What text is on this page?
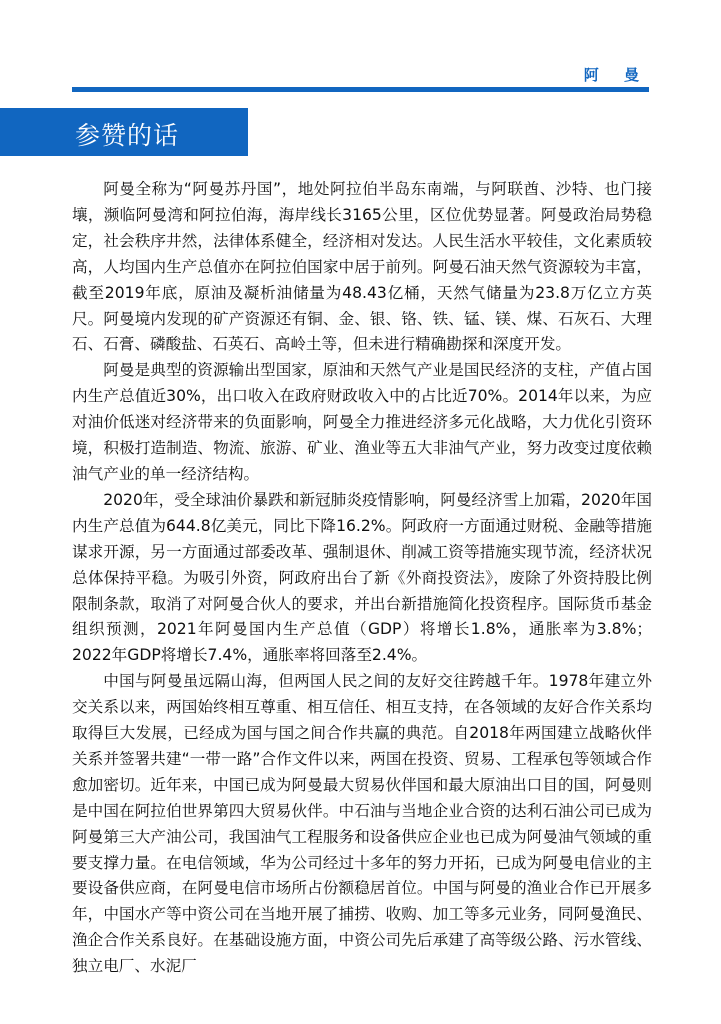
阿 曼
参赞的话

阿曼全称为“阿曼苏丹国”，地处阿拉伯半岛东南端，与阿联酋、沙特、也门接壤，濒临阿曼湾和阿拉伯海，海岸线长3165公里，区位优势显著。阿曼政治局势稳定，社会秩序井然，法律体系健全，经济相对发达。人民生活水平较佳，文化素质较高，人均国内生产总值亦在阿拉伯国家中居于前列。阿曼石油天然气资源较为丰富，截至2019年底，原油及凝析油储量为48.43亿桶，天然气储量为23.8万亿立方英尺。阿曼境内发现的矿产资源还有铜、金、银、铬、铁、锰、镁、煤、石灰石、大理石、石膏、磷酸盐、石英石、高岭土等，但未进行精确勘探和深度开发。

阿曼是典型的资源输出型国家，原油和天然气产业是国民经济的支柱，产值占国内生产总值近30%，出口收入在政府财政收入中的占比近70%。2014年以来，为应对油价低迷对经济带来的负面影响，阿曼全力推进经济多元化战略，大力优化引资环境，积极打造制造、物流、旅游、矿业、渔业等五大非油气产业，努力改变过度依赖油气产业的单一经济结构。

2020年，受全球油价暴跌和新冠肺炎疫情影响，阿曼经济雪上加霜，2020年国内生产总值为644.8亿美元，同比下降16.2%。阿政府一方面通过财税、金融等措施谋求开源，另一方面通过部委改革、强制退休、削减工资等措施实现节流，经济状况总体保持平稳。为吸引外资，阿政府出台了新《外商投资法》，废除了外资持股比例限制条款，取消了对阿曼合伙人的要求，并出台新措施简化投资程序。国际货币基金组织预测，2021年阿曼国内生产总值（GDP）将增长1.8%，通胀率为3.8%；2022年GDP将增长7.4%，通胀率将回落至2.4%。

中国与阿曼虽远隔山海，但两国人民之间的友好交往跨越千年。1978年建立外交关系以来，两国始终相互尊重、相互信任、相互支持，在各领域的友好合作关系均取得巨大发展，已经成为国与国之间合作共赢的典范。自2018年两国建立战略伙伴关系并签署共建“一带一路”合作文件以来，两国在投资、贸易、工程承包等领域合作愈加密切。近年来，中国已成为阿曼最大贸易伙伴国和最大原油出口目的国，阿曼则是中国在阿拉伯世界第四大贸易伙伴。中石油与当地企业合资的达利石油公司已成为阿曼第三大产油公司，我国油气工程服务和设备供应企业也已成为阿曼油气领域的重要支撑力量。在电信领域，华为公司经过十多年的努力开拓，已成为阿曼电信业的主要设备供应商，在阿曼电信市场所占份额稳居首位。中国与阿曼的渔业合作已开展多年，中国水产等中资公司在当地开展了捕捞、收购、加工等多元业务，同阿曼渔民、渔企合作关系良好。在基础设施方面，中资公司先后承建了高等级公路、污水管线、独立电厂、水泥厂
